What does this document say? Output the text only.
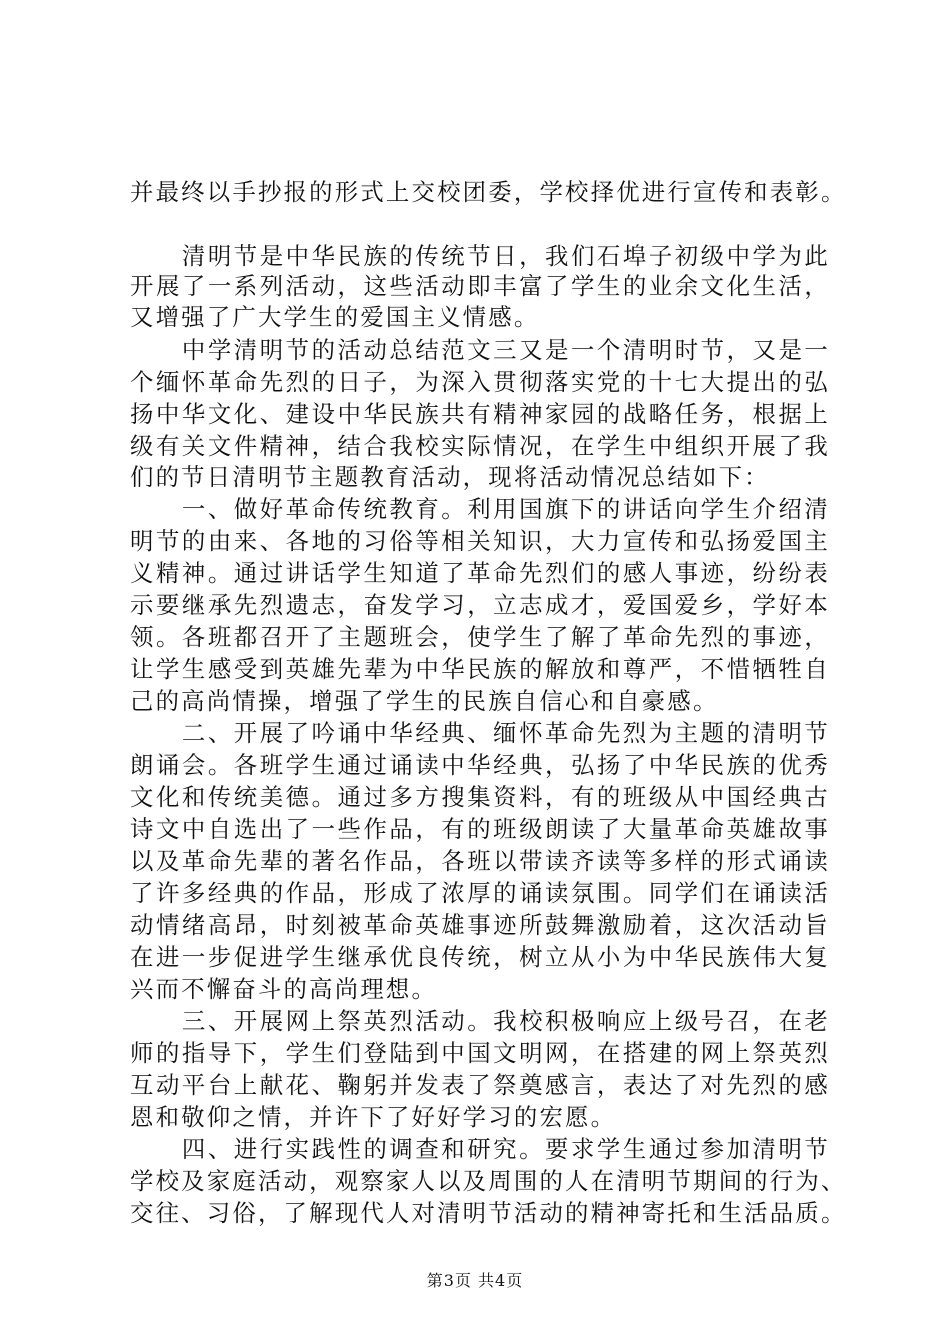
并最终以手抄报的形式上交校团委，学校择优进行宣传和表彰。
　　清明节是中华民族的传统节日，我们石埠子初级中学为此
开展了一系列活动，这些活动即丰富了学生的业余文化生活，
又增强了广大学生的爱国主义情感。
　　中学清明节的活动总结范文三又是一个清明时节，又是一
个缅怀革命先烈的日子，为深入贯彻落实党的十七大提出的弘
扬中华文化、建设中华民族共有精神家园的战略任务，根据上
级有关文件精神，结合我校实际情况，在学生中组织开展了我
们的节日清明节主题教育活动，现将活动情况总结如下：
　　一、做好革命传统教育。利用国旗下的讲话向学生介绍清
明节的由来、各地的习俗等相关知识，大力宣传和弘扬爱国主
义精神。通过讲话学生知道了革命先烈们的感人事迹，纷纷表
示要继承先烈遗志，奋发学习，立志成才，爱国爱乡，学好本
领。各班都召开了主题班会，使学生了解了革命先烈的事迹，
让学生感受到英雄先辈为中华民族的解放和尊严，不惜牺牲自
己的高尚情操，增强了学生的民族自信心和自豪感。
　　二、开展了吟诵中华经典、缅怀革命先烈为主题的清明节
朗诵会。各班学生通过诵读中华经典，弘扬了中华民族的优秀
文化和传统美德。通过多方搜集资料，有的班级从中国经典古
诗文中自选出了一些作品，有的班级朗读了大量革命英雄故事
以及革命先辈的著名作品，各班以带读齐读等多样的形式诵读
了许多经典的作品，形成了浓厚的诵读氛围。同学们在诵读活
动情绪高昂，时刻被革命英雄事迹所鼓舞激励着，这次活动旨
在进一步促进学生继承优良传统，树立从小为中华民族伟大复
兴而不懈奋斗的高尚理想。
　　三、开展网上祭英烈活动。我校积极响应上级号召，在老
师的指导下，学生们登陆到中国文明网，在搭建的网上祭英烈
互动平台上献花、鞠躬并发表了祭奠感言，表达了对先烈的感
恩和敬仰之情，并许下了好好学习的宏愿。
　　四、进行实践性的调查和研究。要求学生通过参加清明节
学校及家庭活动，观察家人以及周围的人在清明节期间的行为、
交往、习俗，了解现代人对清明节活动的精神寄托和生活品质。
第3页 共4页
